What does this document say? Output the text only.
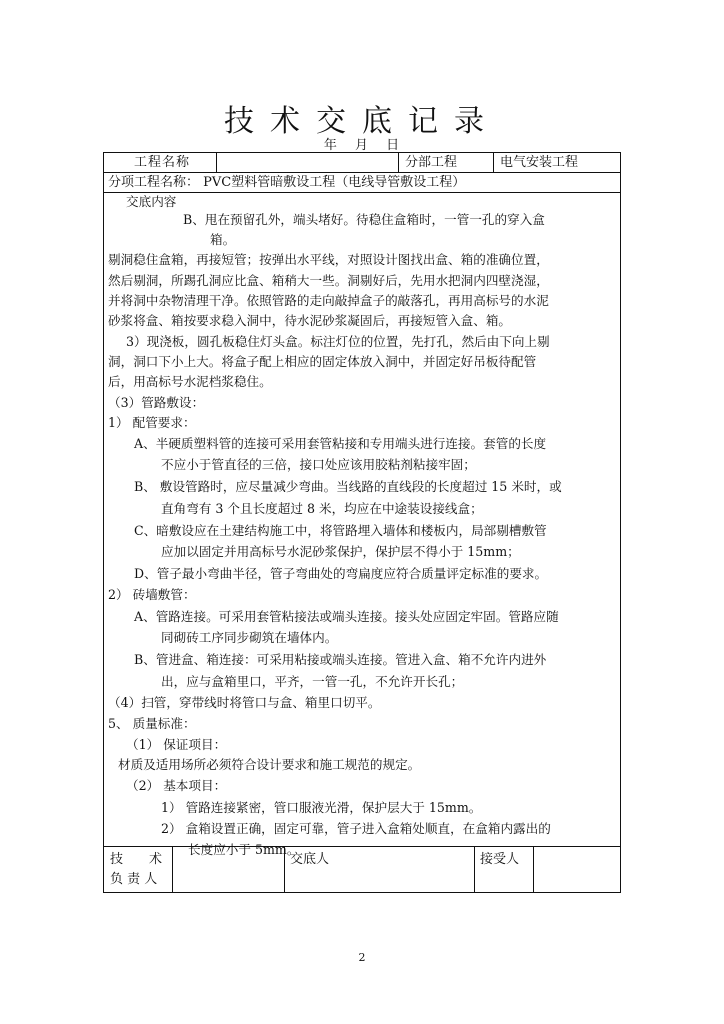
技术交底记录
年 月 日
工程名称	分部工程	电气安装工程
分项工程名称： PVC塑料管暗敷设工程（电线导管敷设工程）
交底内容
B、甩在预留孔外，端头堵好。待稳住盒箱时，一管一孔的穿入盒
箱。
剔洞稳住盒箱，再接短管；按弹出水平线，对照设计图找出盒、箱的准确位置，
然后剔洞，所踢孔洞应比盒、箱稍大一些。洞剔好后，先用水把洞内四壁浇湿，
并将洞中杂物清理干净。依照管路的走向敲掉盒子的敲落孔，再用高标号的水泥
砂浆将盒、箱按要求稳入洞中，待水泥砂浆凝固后，再接短管入盒、箱。
3）现浇板，圆孔板稳住灯头盒。标注灯位的位置，先打孔，然后由下向上剔
洞，洞口下小上大。将盒子配上相应的固定体放入洞中，并固定好吊板待配管
后，用高标号水泥档浆稳住。
（3）管路敷设：
1） 配管要求：
A、半硬质塑料管的连接可采用套管粘接和专用端头进行连接。套管的长度
不应小于管直径的三倍，接口处应该用胶粘剂粘接牢固；
B、 敷设管路时，应尽量减少弯曲。当线路的直线段的长度超过 15 米时，或
直角弯有 3 个且长度超过 8 米，均应在中途装设接线盒；
C、暗敷设应在土建结构施工中，将管路埋入墙体和楼板内，局部剔槽敷管
应加以固定并用高标号水泥砂浆保护，保护层不得小于 15mm；
D、管子最小弯曲半径，管子弯曲处的弯扁度应符合质量评定标准的要求。
2） 砖墙敷管：
A、管路连接。可采用套管粘接法或端头连接。接头处应固定牢固。管路应随
同砌砖工序同步砌筑在墙体内。
B、管进盒、箱连接：可采用粘接或端头连接。管进入盒、箱不允许内进外
出，应与盒箱里口，平齐，一管一孔，不允许开长孔；
（4）扫管，穿带线时将管口与盒、箱里口切平。
5、 质量标准：
（1） 保证项目：
材质及适用场所必须符合设计要求和施工规范的规定。
（2） 基本项目：
1） 管路连接紧密，管口服液光滑，保护层大于 15mm。
2） 盒箱设置正确，固定可靠，管子进入盒箱处顺直，在盒箱内露出的
长度应小于 5mm。
技　　术
负 责 人
交底人	接受人
2
